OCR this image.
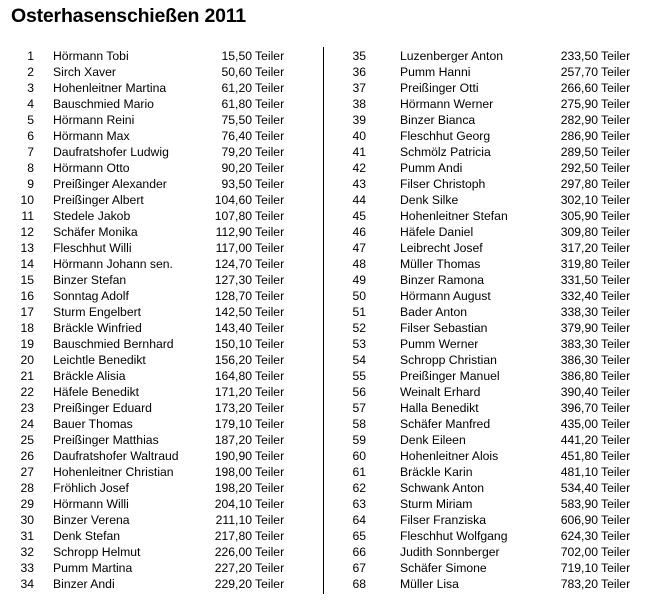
Osterhasenschießen 2011
1 Hörmann Tobi	15,50 Teiler
2 Sirch Xaver	50,60 Teiler
3 Hohenleitner Martina	61,20 Teiler
4 Bauschmied Mario	61,80 Teiler
5 Hörmann Reini	75,50 Teiler
6 Hörmann Max	76,40 Teiler
7 Daufratshofer Ludwig	79,20 Teiler
8 Hörmann Otto	90,20 Teiler
9 Preißinger Alexander	93,50 Teiler
10 Preißinger Albert	104,60 Teiler
11 Stedele Jakob	107,80 Teiler
12 Schäfer Monika	112,90 Teiler
13 Fleschhut Willi	117,00 Teiler
14 Hörmann Johann sen.	124,70 Teiler
15 Binzer Stefan	127,30 Teiler
16 Sonntag Adolf	128,70 Teiler
17 Sturm Engelbert	142,50 Teiler
18 Bräckle Winfried	143,40 Teiler
19 Bauschmied Bernhard	150,10 Teiler
20 Leichtle Benedikt	156,20 Teiler
21 Bräckle Alisia	164,80 Teiler
22 Häfele Benedikt	171,20 Teiler
23 Preißinger Eduard	173,20 Teiler
24 Bauer Thomas	179,10 Teiler
25 Preißinger Matthias	187,20 Teiler
26 Daufratshofer Waltraud	190,90 Teiler
27 Hohenleitner Christian	198,00 Teiler
28 Fröhlich Josef	198,20 Teiler
29 Hörmann Willi	204,10 Teiler
30 Binzer Verena	211,10 Teiler
31 Denk Stefan	217,80 Teiler
32 Schropp Helmut	226,00 Teiler
33 Pumm Martina	227,20 Teiler
34 Binzer Andi	229,20 Teiler
35	Luzenberger Anton	233,50 Teiler
36	Pumm Hanni	257,70 Teiler
37	Preißinger Otti	266,60 Teiler
38	Hörmann Werner	275,90 Teiler
39	Binzer Bianca	282,90 Teiler
40	Fleschhut Georg	286,90 Teiler
41	Schmölz Patricia	289,50 Teiler
42	Pumm Andi	292,50 Teiler
43	Filser Christoph	297,80 Teiler
44	Denk Silke	302,10 Teiler
45	Hohenleitner Stefan	305,90 Teiler
46	Häfele Daniel	309,80 Teiler
47	Leibrecht Josef	317,20 Teiler
48	Müller Thomas	319,80 Teiler
49	Binzer Ramona	331,50 Teiler
50	Hörmann August	332,40 Teiler
51	Bader Anton	338,30 Teiler
52	Filser Sebastian	379,90 Teiler
53	Pumm Werner	383,30 Teiler
54	Schropp Christian	386,30 Teiler
55	Preißinger Manuel	386,80 Teiler
56	Weinalt Erhard	390,40 Teiler
57	Halla Benedikt	396,70 Teiler
58	Schäfer Manfred	435,00 Teiler
59	Denk Eileen	441,20 Teiler
60	Hohenleitner Alois	451,80 Teiler
61	Bräckle Karin	481,10 Teiler
62	Schwank Anton	534,40 Teiler
63	Sturm Miriam	583,90 Teiler
64	Filser Franziska	606,90 Teiler
65	Fleschhut Wolfgang	624,30 Teiler
66	Judith Sonnberger	702,00 Teiler
67	Schäfer Simone	719,10 Teiler
68	Müller Lisa	783,20 Teiler
